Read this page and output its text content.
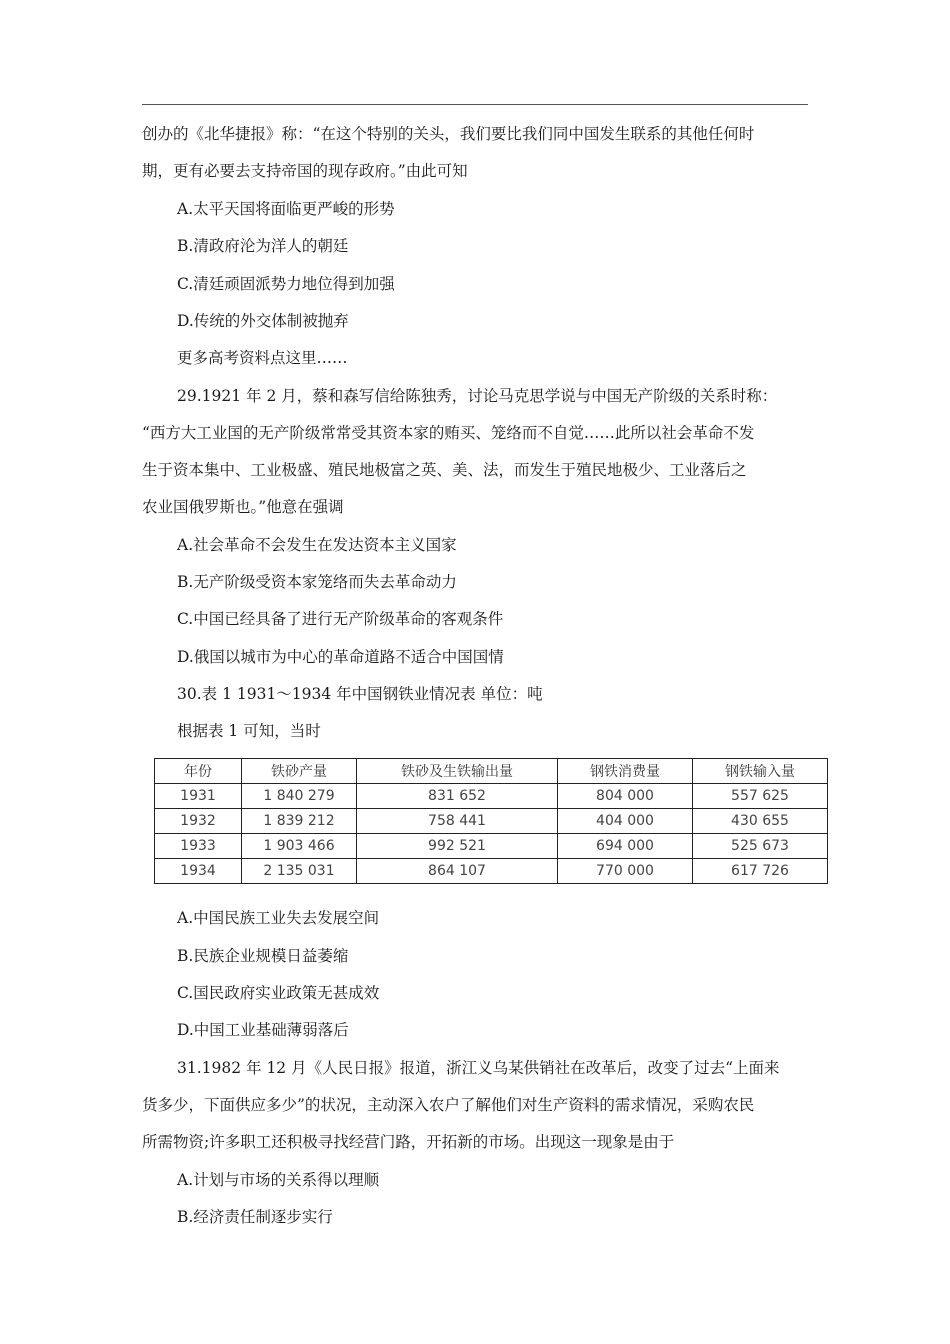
创办的《北华捷报》称：“在这个特别的关头，我们要比我们同中国发生联系的其他任何时
期，更有必要去支持帝国的现存政府。”由此可知
A.太平天国将面临更严峻的形势
B.清政府沦为洋人的朝廷
C.清廷顽固派势力地位得到加强
D.传统的外交体制被抛弃
更多高考资料点这里……
29.1921 年 2 月，蔡和森写信给陈独秀，讨论马克思学说与中国无产阶级的关系时称：
“西方大工业国的无产阶级常常受其资本家的贿买、笼络而不自觉……此所以社会革命不发
生于资本集中、工业极盛、殖民地极富之英、美、法，而发生于殖民地极少、工业落后之
农业国俄罗斯也。”他意在强调
A.社会革命不会发生在发达资本主义国家
B.无产阶级受资本家笼络而失去革命动力
C.中国已经具备了进行无产阶级革命的客观条件
D.俄国以城市为中心的革命道路不适合中国国情
30.表 1 1931～1934 年中国钢铁业情况表 单位：吨
根据表 1 可知，当时
年份	铁砂产量	铁砂及生铁输出量	钢铁消费量	钢铁输入量
1931	1 840 279	831 652	804 000	557 625
1932	1 839 212	758 441	404 000	430 655
1933	1 903 466	992 521	694 000	525 673
1934	2 135 031	864 107	770 000	617 726
A.中国民族工业失去发展空间
B.民族企业规模日益萎缩
C.国民政府实业政策无甚成效
D.中国工业基础薄弱落后
31.1982 年 12 月《人民日报》报道，浙江义乌某供销社在改革后，改变了过去“上面来
货多少，下面供应多少”的状况，主动深入农户了解他们对生产资料的需求情况，采购农民
所需物资;许多职工还积极寻找经营门路，开拓新的市场。出现这一现象是由于
A.计划与市场的关系得以理顺
B.经济责任制逐步实行
